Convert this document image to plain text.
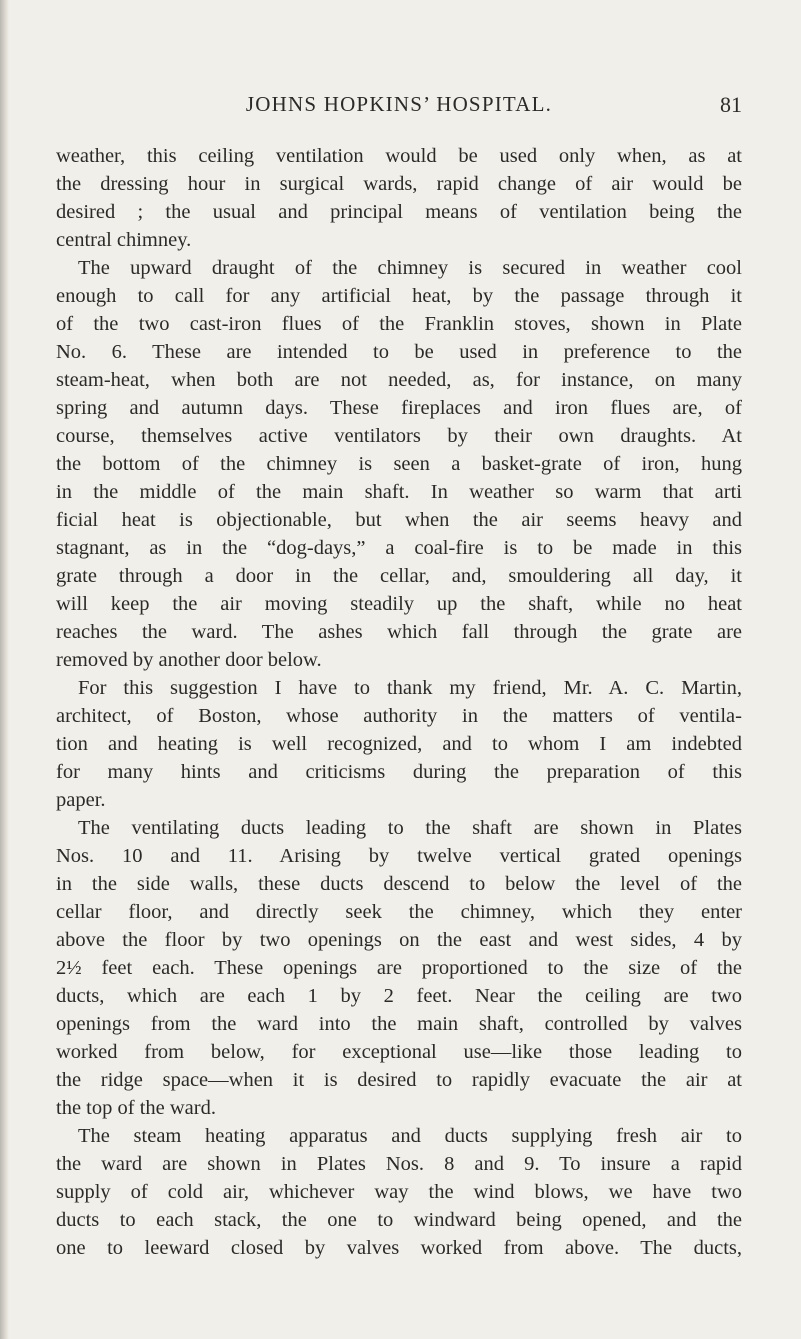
JOHNS HOPKINS’ HOSPITAL.	81
weather, this ceiling ventilation would be used only when, as at
the dressing hour in surgical wards, rapid change of air would be
desired ; the usual and principal means of ventilation being the
central chimney.
The upward draught of the chimney is secured in weather cool
enough to call for any artificial heat, by the passage through it
of the two cast-iron flues of the Franklin stoves, shown in Plate
No. 6. These are intended to be used in preference to the
steam-heat, when both are not needed, as, for instance, on many
spring and autumn days. These fireplaces and iron flues are, of
course, themselves active ventilators by their own draughts. At
the bottom of the chimney is seen a basket-grate of iron, hung
in the middle of the main shaft. In weather so warm that arti
ficial heat is objectionable, but when the air seems heavy and
stagnant, as in the “dog-days,” a coal-fire is to be made in this
grate through a door in the cellar, and, smouldering all day, it
will keep the air moving steadily up the shaft, while no heat
reaches the ward. The ashes which fall through the grate are
removed by another door below.
For this suggestion I have to thank my friend, Mr. A. C. Martin,
architect, of Boston, whose authority in the matters of ventila-
tion and heating is well recognized, and to whom I am indebted
for many hints and criticisms during the preparation of this
paper.
The ventilating ducts leading to the shaft are shown in Plates
Nos. 10 and 11. Arising by twelve vertical grated openings
in the side walls, these ducts descend to below the level of the
cellar floor, and directly seek the chimney, which they enter
above the floor by two openings on the east and west sides, 4 by
2½ feet each. These openings are proportioned to the size of the
ducts, which are each 1 by 2 feet. Near the ceiling are two
openings from the ward into the main shaft, controlled by valves
worked from below, for exceptional use—like those leading to
the ridge space—when it is desired to rapidly evacuate the air at
the top of the ward.
The steam heating apparatus and ducts supplying fresh air to
the ward are shown in Plates Nos. 8 and 9. To insure a rapid
supply of cold air, whichever way the wind blows, we have two
ducts to each stack, the one to windward being opened, and the
one to leeward closed by valves worked from above. The ducts,
